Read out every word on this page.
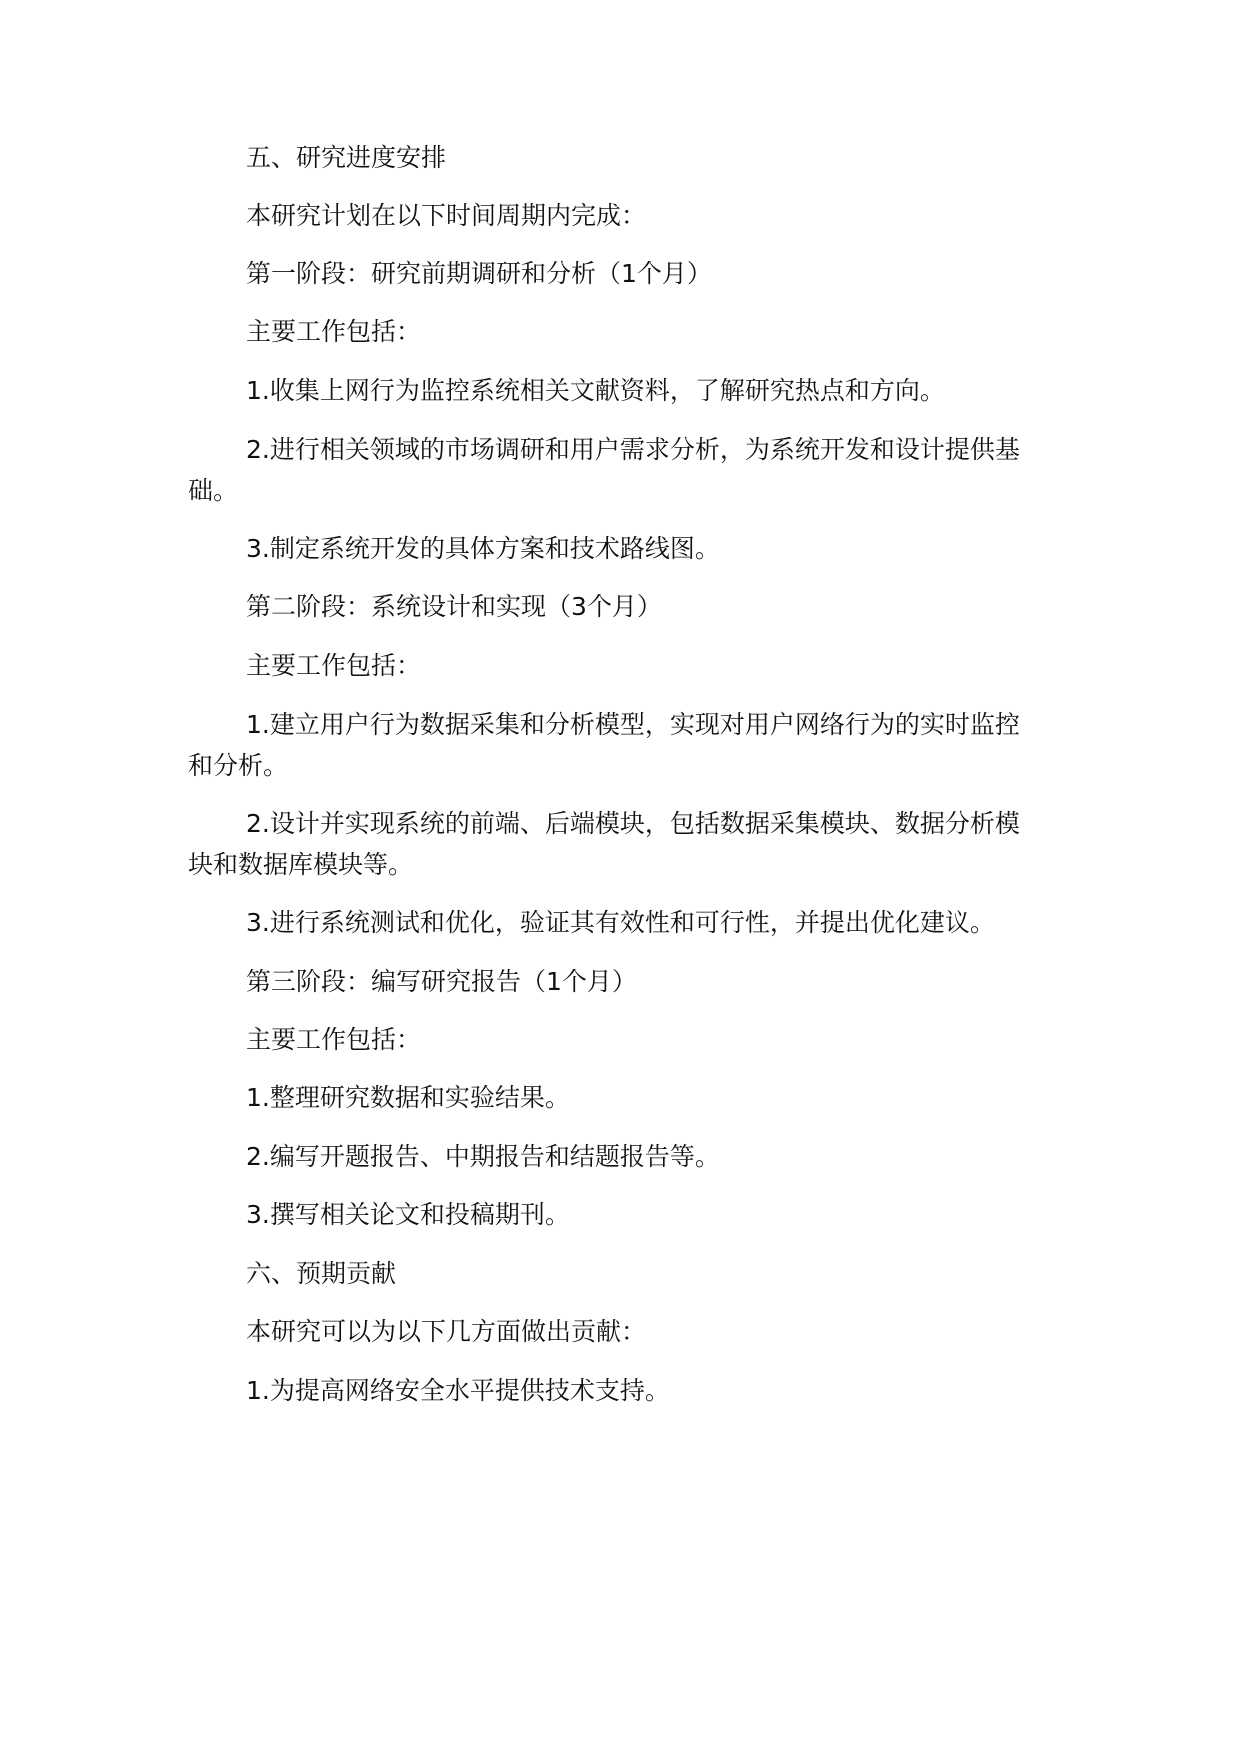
五、研究进度安排

本研究计划在以下时间周期内完成：

第一阶段：研究前期调研和分析（1个月）

主要工作包括：

1.收集上网行为监控系统相关文献资料，了解研究热点和方向。

2.进行相关领域的市场调研和用户需求分析，为系统开发和设计提供基础。

3.制定系统开发的具体方案和技术路线图。

第二阶段：系统设计和实现（3个月）

主要工作包括：

1.建立用户行为数据采集和分析模型，实现对用户网络行为的实时监控和分析。

2.设计并实现系统的前端、后端模块，包括数据采集模块、数据分析模块和数据库模块等。

3.进行系统测试和优化，验证其有效性和可行性，并提出优化建议。

第三阶段：编写研究报告（1个月）

主要工作包括：

1.整理研究数据和实验结果。

2.编写开题报告、中期报告和结题报告等。

3.撰写相关论文和投稿期刊。

六、预期贡献

本研究可以为以下几方面做出贡献：

1.为提高网络安全水平提供技术支持。
